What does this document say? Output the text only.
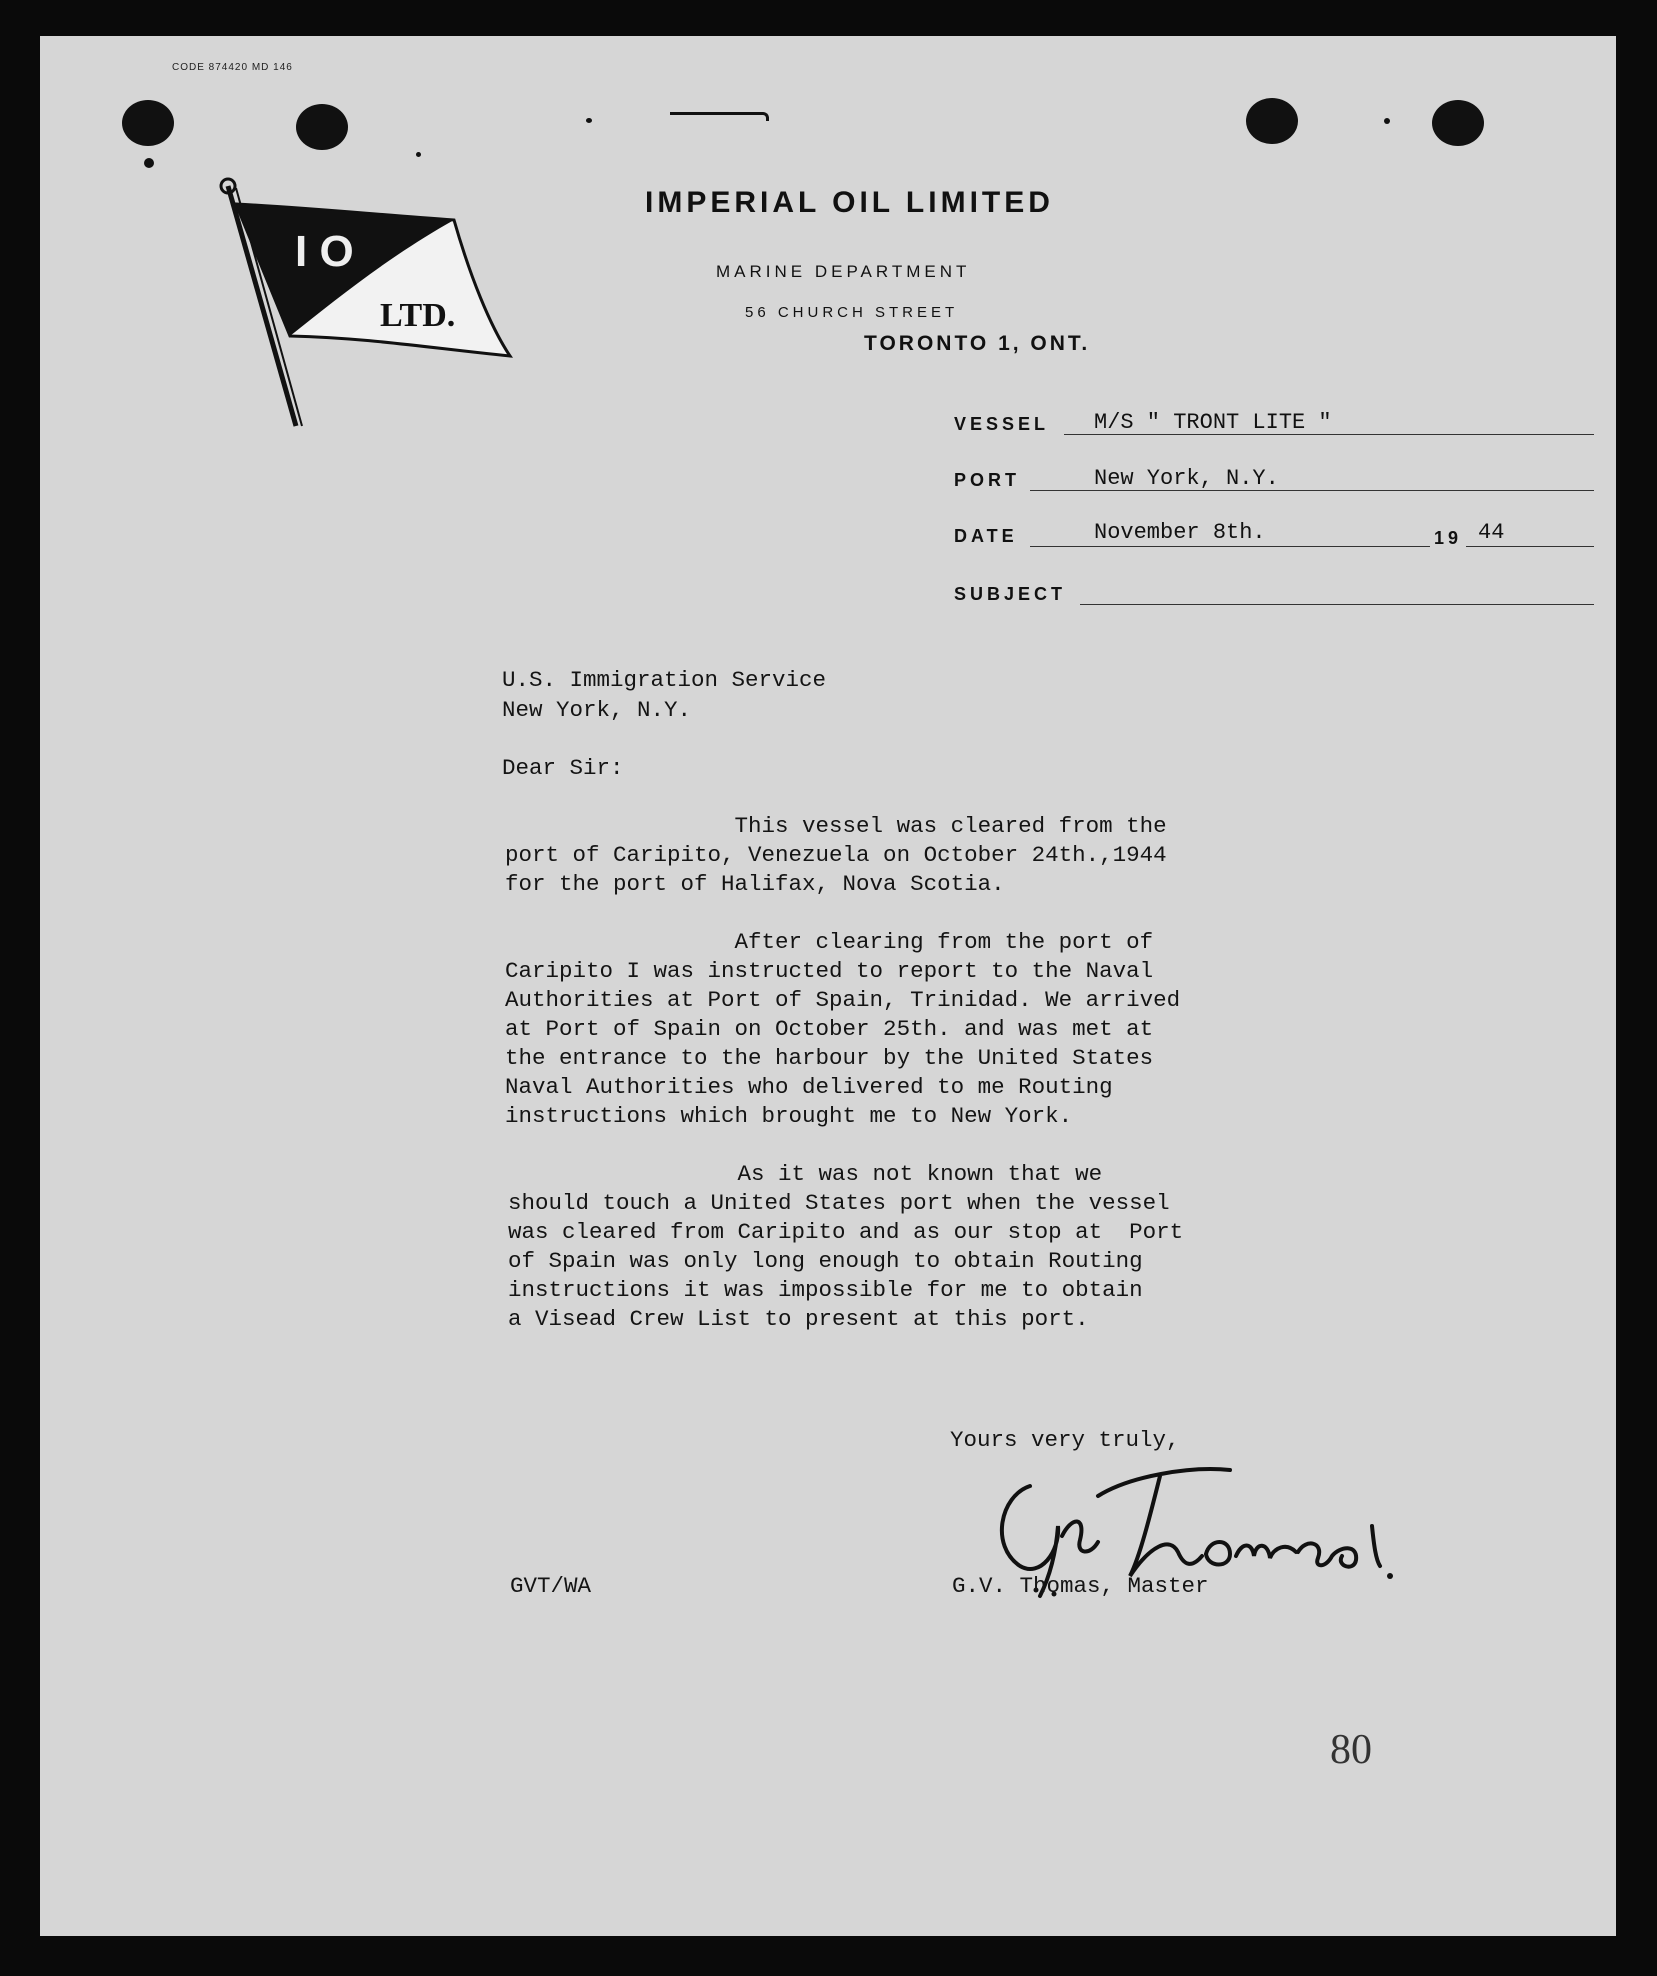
CODE 874420 MD 146
I O
LTD.
IMPERIAL OIL LIMITED
MARINE DEPARTMENT
56 CHURCH STREET
TORONTO 1, ONT.
VESSEL M/S " TRONT LITE "
PORT	New York, N.Y.
DATE	November 8th.	19 44
SUBJECT
U.S. Immigration Service
New York, N.Y.
Dear Sir:
This vessel was cleared from the
port of Caripito, Venezuela on October 24th.,1944
for the port of Halifax, Nova Scotia.
After clearing from the port of
Caripito I was instructed to report to the Naval
Authorities at Port of Spain, Trinidad. We arrived
at Port of Spain on October 25th. and was met at
the entrance to the harbour by the United States
Naval Authorities who delivered to me Routing
instructions which brought me to New York.
As it was not known that we
should touch a United States port when the vessel
was cleared from Caripito and as our stop at  Port
of Spain was only long enough to obtain Routing
instructions it was impossible for me to obtain
a Visead Crew List to present at this port.
Yours very truly,
GVT/WA	G.V. Thomas, Master
80
